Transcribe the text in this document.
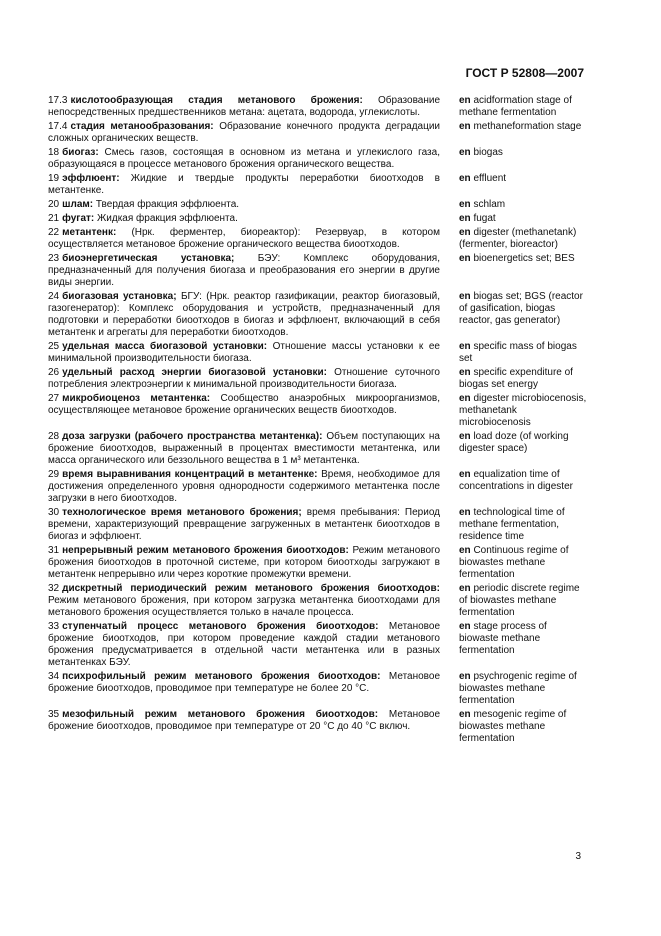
ГОСТ Р 52808—2007
17.3 кислотообразующая стадия метанового брожения: Образование непосредственных предшественников метана: ацетата, водорода, углекислоты.
en acidformation stage of methane fermentation
17.4 стадия метанообразования: Образование конечного продукта деградации сложных органических веществ.
en methaneformation stage
18 биогаз: Смесь газов, состоящая в основном из метана и углекислого газа, образующаяся в процессе метанового брожения органического вещества.
en biogas
19 эффлюент: Жидкие и твердые продукты переработки биоотходов в метантенке.
en effluent
20 шлам: Твердая фракция эффлюента.	en schlam
21 фугат: Жидкая фракция эффлюента.	en fugat
22 метантенк: (Нрк. ферментер, биореактор): Резервуар, в котором осуществляется метановое брожение органического вещества биоотходов.
en digester (methanetank) (fermenter, bioreactor)
23 биоэнергетическая установка; БЭУ: Комплекс оборудования, предназначенный для получения биогаза и преобразования его энергии в другие виды энергии.
en bioenergetics set; BES
24 биогазовая установка; БГУ: (Нрк. реактор газификации, реактор биогазовый, газогенератор): Комплекс оборудования и устройств, предназначенный для подготовки и переработки биоотходов в биогаз и эффлюент, включающий в себя метантенк и агрегаты для переработки биоотходов.
en biogas set; BGS (reactor of gasification, biogas reactor, gas generator)
25 удельная масса биогазовой установки: Отношение массы установки к ее минимальной производительности биогаза.
en specific mass of biogas set
26 удельный расход энергии биогазовой установки: Отношение суточного потребления электроэнергии к минимальной производительности биогаза.
en specific expenditure of biogas set energy
27 микробиоценоз метантенка: Сообщество анаэробных микроорганизмов, осуществляющее метановое брожение органических веществ биоотходов.
en digester microbiocenosis, methanetank microbiocenosis
28 доза загрузки (рабочего пространства метантенка): Объем поступающих на брожение биоотходов, выраженный в процентах вместимости метантенка, или масса органического или беззольного вещества в 1 м³ метантенка.
en load doze (of working digester space)
29 время выравнивания концентраций в метантенке: Время, необходимое для достижения определенного уровня однородности содержимого метантенка после загрузки в него биоотходов.
en equalization time of concentrations in digester
30 технологическое время метанового брожения; время пребывания: Период времени, характеризующий превращение загруженных в метантенк биоотходов в биогаз и эффлюент.
en technological time of methane fermentation, residence time
31 непрерывный режим метанового брожения биоотходов: Режим метанового брожения биоотходов в проточной системе, при котором биоотходы загружают в метантенк непрерывно или через короткие промежутки времени.
en Continuous regime of biowastes methane fermentation
32 дискретный периодический режим метанового брожения биоотходов: Режим метанового брожения, при котором загрузка метантенка биоотходами для метанового брожения осуществляется только в начале процесса.
en periodic discrete regime of biowastes methane fermentation
33 ступенчатый процесс метанового брожения биоотходов: Метановое брожение биоотходов, при котором проведение каждой стадии метанового брожения предусматривается в отдельной части метантенка или в разных метантенках БЭУ.
en stage process of biowaste methane fermentation
34 психрофильный режим метанового брожения биоотходов: Метановое брожение биоотходов, проводимое при температуре не более 20 °С.
en psychrogenic regime of biowastes methane fermentation
35 мезофильный режим метанового брожения биоотходов: Метановое брожение биоотходов, проводимое при температуре от 20 °С до 40 °С включ.
en mesogenic regime of biowastes methane fermentation
3
